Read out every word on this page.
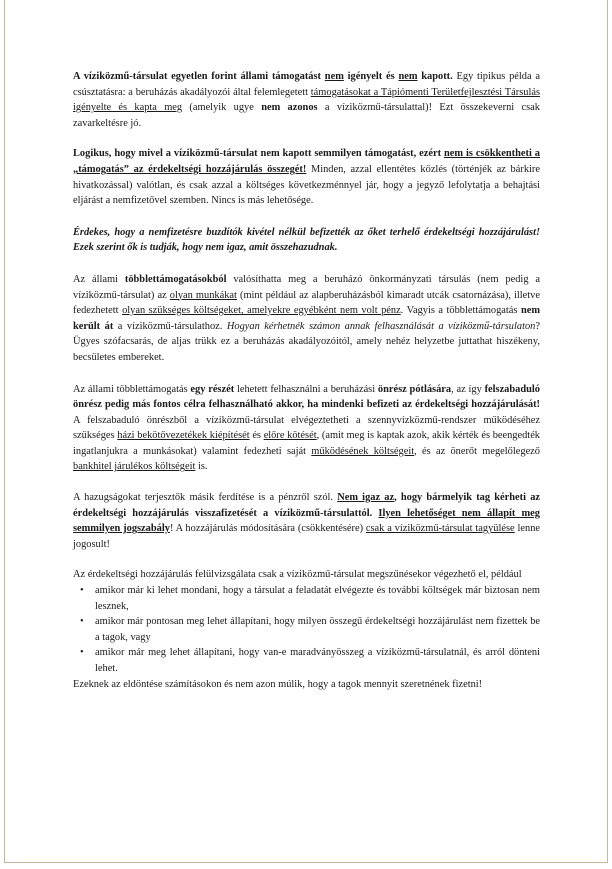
A víziközmű-társulat egyetlen forint állami támogatást nem igényelt és nem kapott. Egy tipikus példa a csúsztatásra: a beruházás akadályozói által felemlegetett támogatásokat a Tápiómenti Területfejlesztési Társulás igényelte és kapta meg (amelyik ugye nem azonos a víziközmű-társulattal)! Ezt összekeverni csak zavarkeltésre jó.

Logikus, hogy mivel a víziközmű-társulat nem kapott semmilyen támogatást, ezért nem is csökkentheti a „támogatás” az érdekeltségi hozzájárulás összegét! Minden, azzal ellentétes közlés (történjék az bárkire hivatkozással) valótlan, és csak azzal a költséges következménnyel jár, hogy a jegyző lefolytatja a behajtási eljárást a nemfizetővel szemben. Nincs is más lehetősége.

Érdekes, hogy a nemfizetésre buzdítók kivétel nélkül befizették az őket terhelő érdekeltségi hozzájárulást! Ezek szerint ők is tudják, hogy nem igaz, amit összehazudnak.

Az állami többlettámogatásokból valósíthatta meg a beruházó önkormányzati társulás (nem pedig a víziközmű-társulat) az olyan munkákat (mint például az alapberuházásból kimaradt utcák csatornázása), illetve fedezhetett olyan szükséges költségeket, amelyekre egyébként nem volt pénz. Vagyis a többlettámogatás nem került át a víziközmű-társulathoz. Hogyan kérhetnék számon annak felhasználását a víziközmű-társulaton? Ügyes szófacsarás, de aljas trükk ez a beruházás akadályozóitól, amely nehéz helyzetbe juttathat hiszékeny, becsületes embereket.

Az állami többlettámogatás egy részét lehetett felhasználni a beruházási önrész pótlására, az így felszabaduló önrész pedig más fontos célra felhasználható akkor, ha mindenki befizeti az érdekeltségi hozzájárulását! A felszabaduló önrészből a víziközmű-társulat elvégeztetheti a szennyvízközmű-rendszer működéséhez szükséges házi bekötővezetékek kiépítését és előre kötését, (amit meg is kaptak azok, akik kérték és beengedték ingatlanjukra a munkásokat) valamint fedezheti saját működésének költségeit, és az önerőt megelőlegező bankhitel járulékos költségeit is.

A hazugságokat terjesztők másik ferdítése is a pénzről szól. Nem igaz az, hogy bármelyik tag kérheti az érdekeltségi hozzájárulás visszafizetését a víziközmű-társulattól. Ilyen lehetőséget nem állapít meg semmilyen jogszabály! A hozzájárulás módosítására (csökkentésére) csak a víziközmű-társulat tagyülése lenne jogosult!

Az érdekeltségi hozzájárulás felülvizsgálata csak a víziközmű-társulat megszűnésekor végezhető el, például

• amikor már ki lehet mondani, hogy a társulat a feladatát elvégezte és további költségek már biztosan nem lesznek,
• amikor már pontosan meg lehet állapítani, hogy milyen összegű érdekeltségi hozzájárulást nem fizettek be a tagok, vagy
• amikor már meg lehet állapítani, hogy van-e maradványösszeg a víziközmű-társulatnál, és arról dönteni lehet.

Ezeknek az eldöntése számításokon és nem azon múlik, hogy a tagok mennyit szeretnének fizetni!
